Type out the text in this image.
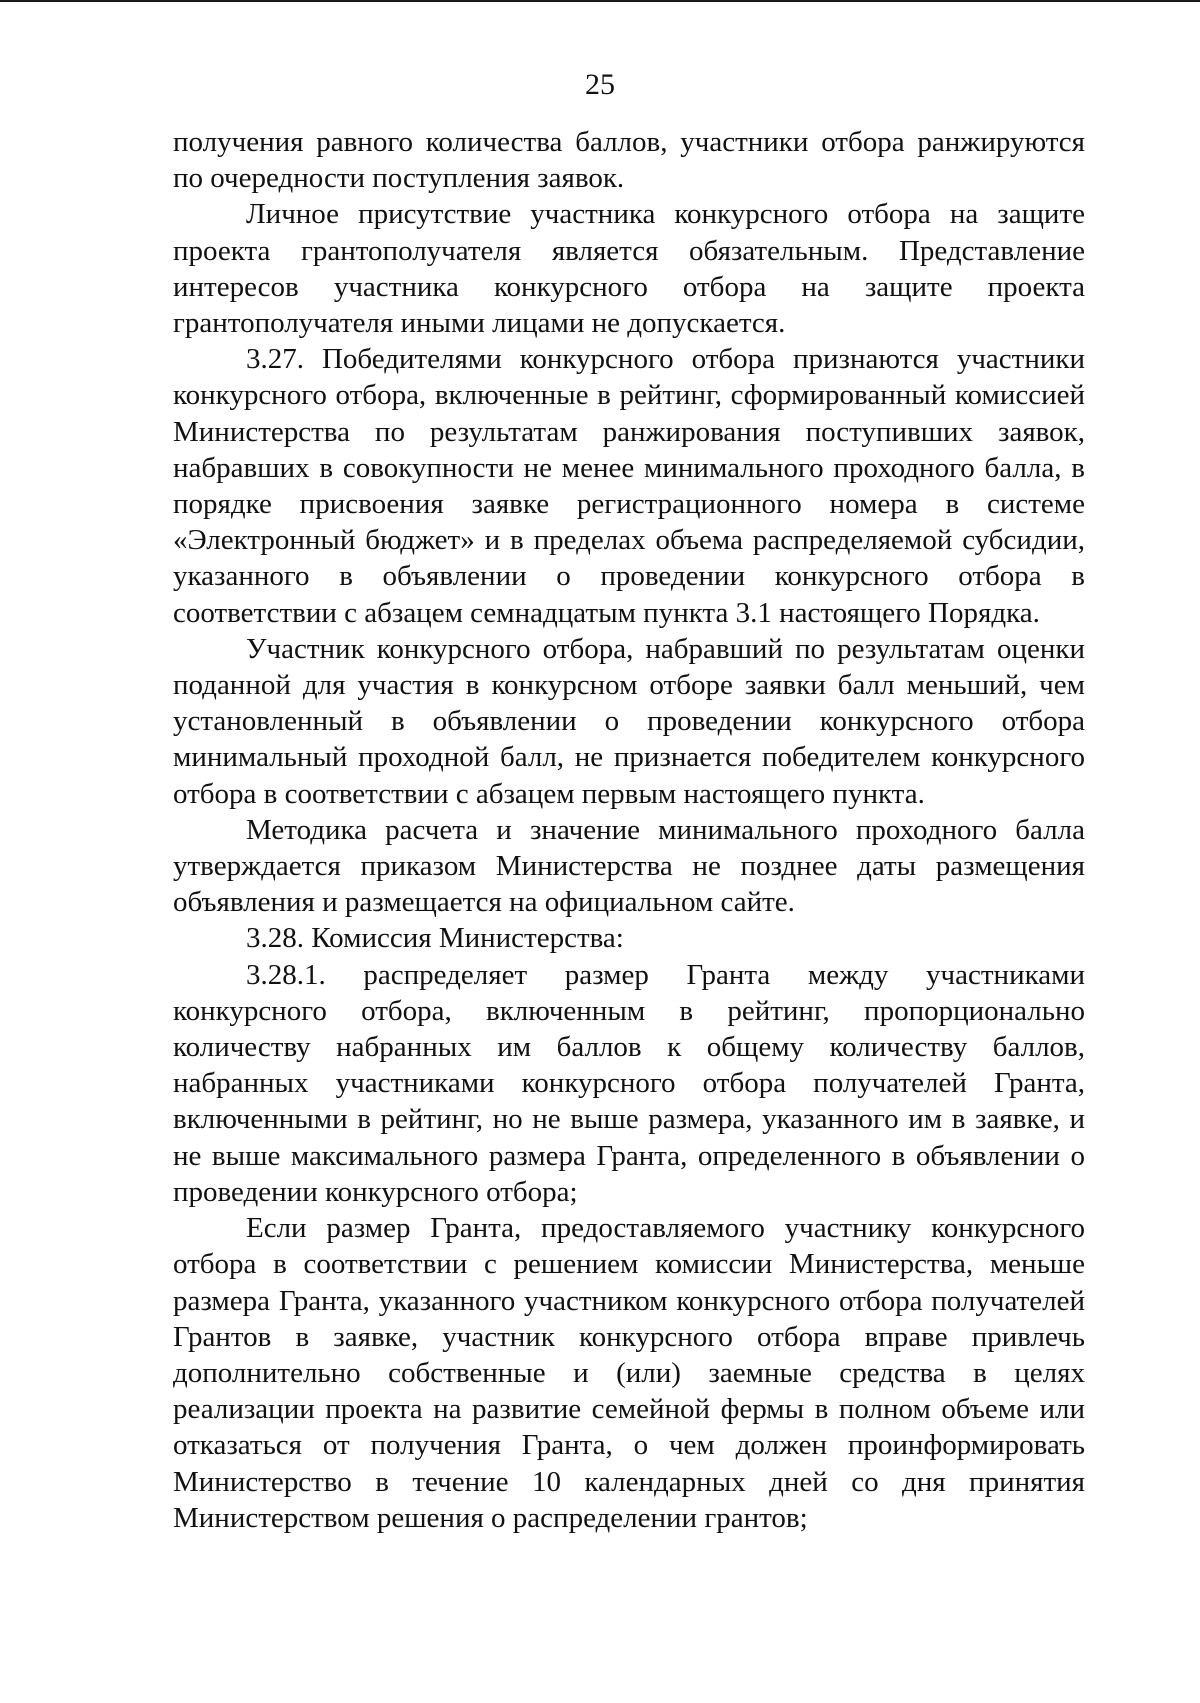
25

получения равного количества баллов, участники отбора ранжируются по очередности поступления заявок.

Личное присутствие участника конкурсного отбора на защите проекта грантополучателя является обязательным. Представление интересов участника конкурсного отбора на защите проекта грантополучателя иными лицами не допускается.

3.27. Победителями конкурсного отбора признаются участники конкурсного отбора, включенные в рейтинг, сформированный комиссией Министерства по результатам ранжирования поступивших заявок, набравших в совокупности не менее минимального проходного балла, в порядке присвоения заявке регистрационного номера в системе «Электронный бюджет» и в пределах объема распределяемой субсидии, указанного в объявлении о проведении конкурсного отбора в соответствии с абзацем семнадцатым пункта 3.1 настоящего Порядка.

Участник конкурсного отбора, набравший по результатам оценки поданной для участия в конкурсном отборе заявки балл меньший, чем установленный в объявлении о проведении конкурсного отбора минимальный проходной балл, не признается победителем конкурсного отбора в соответствии с абзацем первым настоящего пункта.

Методика расчета и значение минимального проходного балла утверждается приказом Министерства не позднее даты размещения объявления и размещается на официальном сайте.

3.28. Комиссия Министерства:

3.28.1. распределяет размер Гранта между участниками конкурсного отбора, включенным в рейтинг, пропорционально количеству набранных им баллов к общему количеству баллов, набранных участниками конкурсного отбора получателей Гранта, включенными в рейтинг, но не выше размера, указанного им в заявке, и не выше максимального размера Гранта, определенного в объявлении о проведении конкурсного отбора;

Если размер Гранта, предоставляемого участнику конкурсного отбора в соответствии с решением комиссии Министерства, меньше размера Гранта, указанного участником конкурсного отбора получателей Грантов в заявке, участник конкурсного отбора вправе привлечь дополнительно собственные и (или) заемные средства в целях реализации проекта на развитие семейной фермы в полном объеме или отказаться от получения Гранта, о чем должен проинформировать Министерство в течение 10 календарных дней со дня принятия Министерством решения о распределении грантов;
